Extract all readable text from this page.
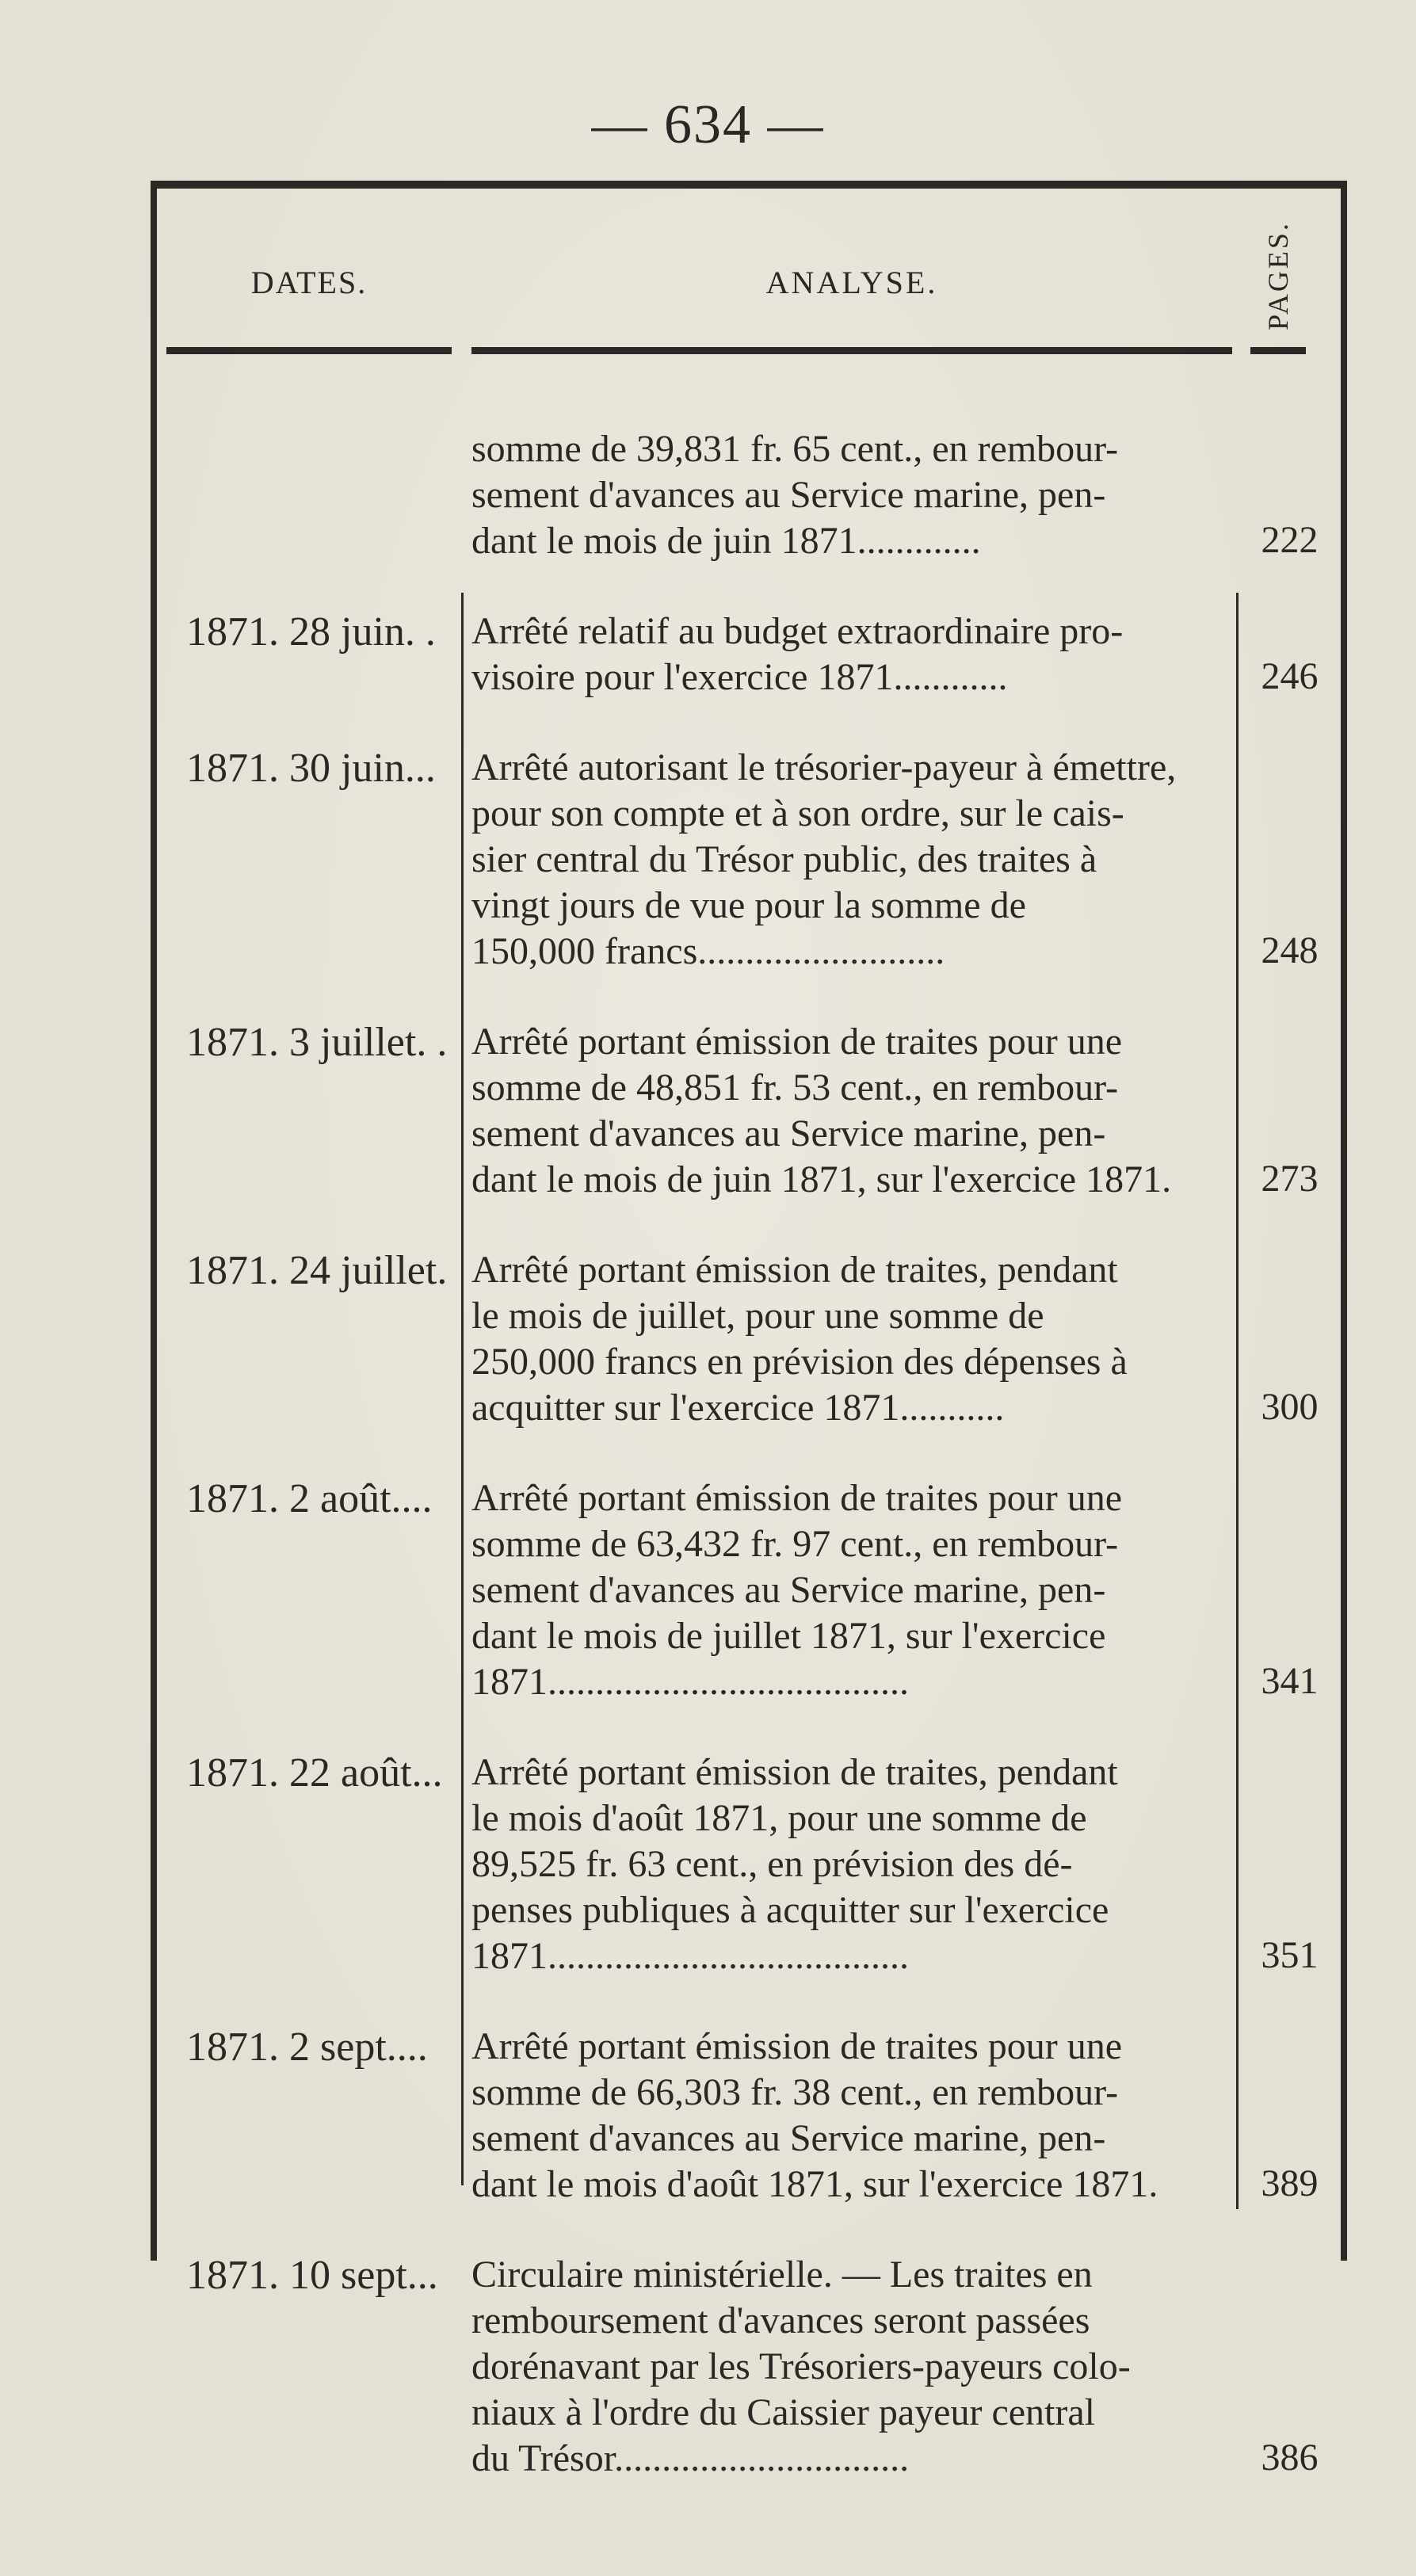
— 634 —
DATES.	ANALYSE.	PAGES.
somme de 39,831 fr. 65 cent., en rembour-
sement d'avances au Service marine, pen-
dant le mois de juin 1871.............	222
1871. 28 juin. . Arrêté relatif au budget extraordinaire pro-
visoire pour l'exercice 1871............	246
1871. 30 juin... Arrêté autorisant le trésorier-payeur à émettre,
pour son compte et à son ordre, sur le cais-
sier central du Trésor public, des traites à
vingt jours de vue pour la somme de
150,000 francs..........................	248
1871. 3 juillet. . Arrêté portant émission de traites pour une
somme de 48,851 fr. 53 cent., en rembour-
sement d'avances au Service marine, pen-
dant le mois de juin 1871, sur l'exercice 1871.	273
1871. 24 juillet. Arrêté portant émission de traites, pendant
le mois de juillet, pour une somme de
250,000 francs en prévision des dépenses à
acquitter sur l'exercice 1871...........	300
1871. 2 août....	Arrêté portant émission de traites pour une
somme de 63,432 fr. 97 cent., en rembour-
sement d'avances au Service marine, pen-
dant le mois de juillet 1871, sur l'exercice
1871......................................	341
1871. 22 août... Arrêté portant émission de traites, pendant
le mois d'août 1871, pour une somme de
89,525 fr. 63 cent., en prévision des dé-
penses publiques à acquitter sur l'exercice
1871......................................	351
1871. 2 sept....	Arrêté portant émission de traites pour une
somme de 66,303 fr. 38 cent., en rembour-
sement d'avances au Service marine, pen-
dant le mois d'août 1871, sur l'exercice 1871.	389
1871. 10 sept... Circulaire ministérielle. — Les traites en
remboursement d'avances seront passées
dorénavant par les Trésoriers-payeurs colo-
niaux à l'ordre du Caissier payeur central
du Trésor...............................	386
